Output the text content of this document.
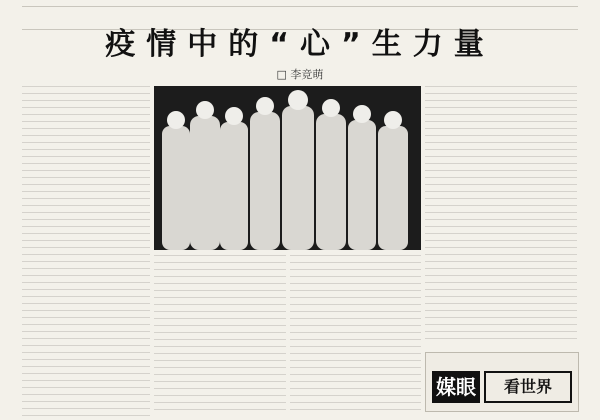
疫情中的“心”生力量
□ 李竞萌
媒眼	看世界
